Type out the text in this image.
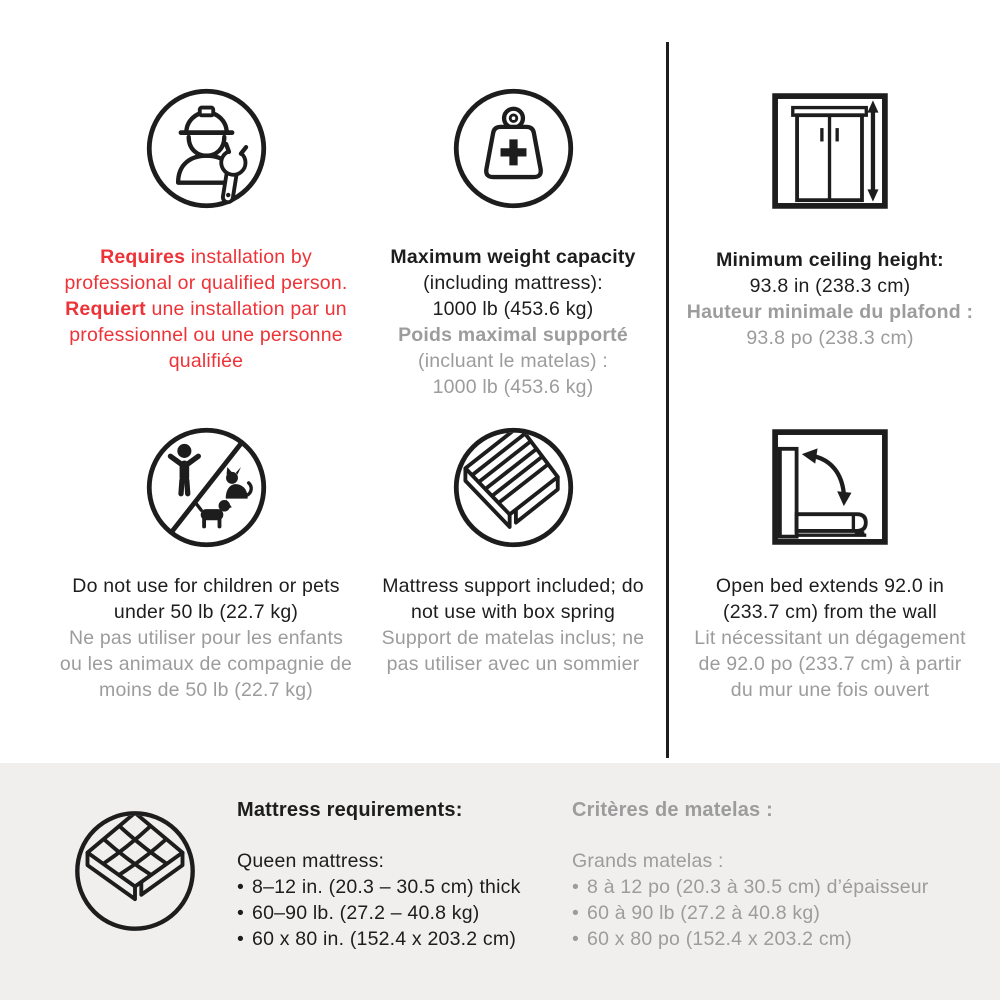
Requires installation by
professional or qualified person.
Requiert une installation par un
professionnel ou une personne
qualifiée
Maximum weight capacity
(including mattress):
1000 lb (453.6 kg)
Poids maximal supporté
(incluant le matelas) :
1000 lb (453.6 kg)
Minimum ceiling height:
93.8 in (238.3 cm)
Hauteur minimale du plafond :
93.8 po (238.3 cm)
Do not use for children or pets
under 50 lb (22.7 kg)
Ne pas utiliser pour les enfants
ou les animaux de compagnie de
moins de 50 lb (22.7 kg)
Mattress support included; do
not use with box spring
Support de matelas inclus; ne
pas utiliser avec un sommier
Open bed extends 92.0 in
(233.7 cm) from the wall
Lit nécessitant un dégagement
de 92.0 po (233.7 cm) à partir
du mur une fois ouvert
Mattress requirements:
Queen mattress:
• 8–12 in. (20.3 – 30.5 cm) thick
• 60–90 lb. (27.2 – 40.8 kg)
• 60 x 80 in. (152.4 x 203.2 cm)
Critères de matelas :
Grands matelas :
• 8 à 12 po (20.3 à 30.5 cm) d’épaisseur
• 60 à 90 lb (27.2 à 40.8 kg)
• 60 x 80 po (152.4 x 203.2 cm)
